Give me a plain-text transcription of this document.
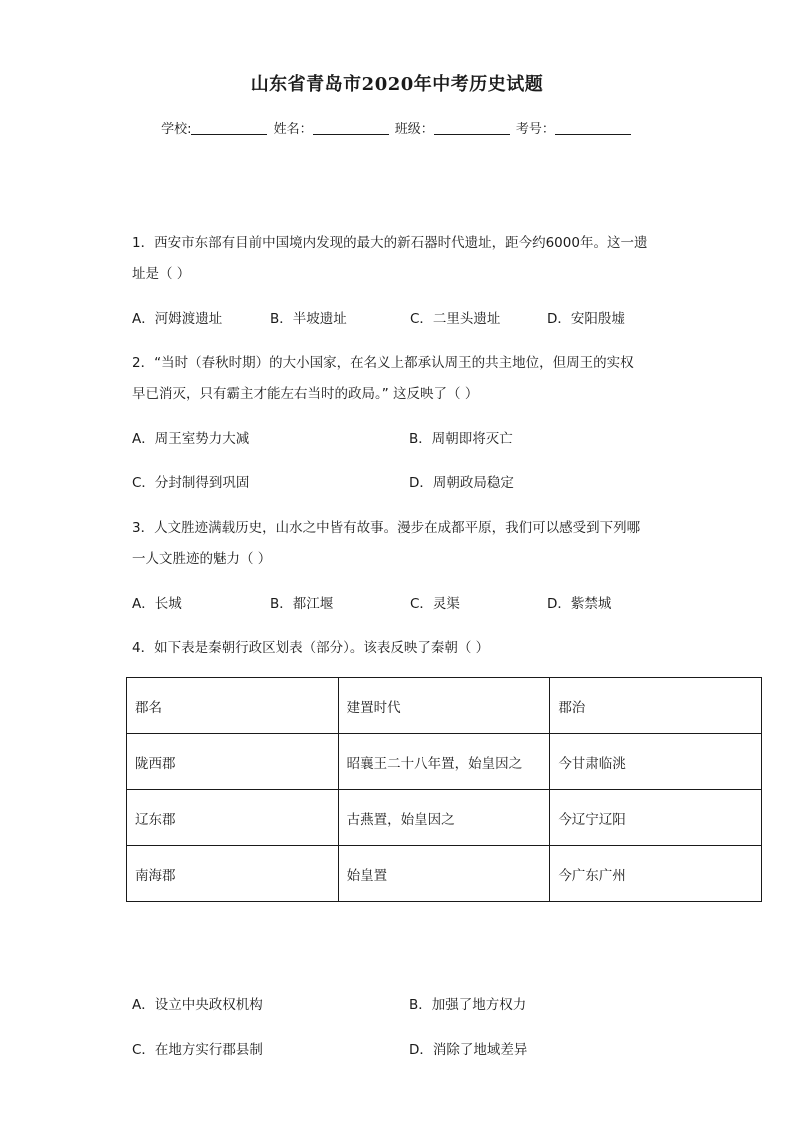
山东省青岛市2020年中考历史试题
学校:	姓名：	班级：	考号：
1．西安市东部有目前中国境内发现的最大的新石器时代遗址，距今约6000年。这一遗
址是（ ）
A．河姆渡遗址	B．半坡遗址	C．二里头遗址	D．安阳殷墟
2．“当时（春秋时期）的大小国家，在名义上都承认周王的共主地位，但周王的实权
早已消灭，只有霸主才能左右当时的政局。” 这反映了（ ）
A．周王室势力大减	B．周朝即将灭亡
C．分封制得到巩固	D．周朝政局稳定
3．人文胜迹满载历史，山水之中皆有故事。漫步在成都平原，我们可以感受到下列哪
一人文胜迹的魅力（ ）
A．长城	B．都江堰	C．灵渠	D．紫禁城
4．如下表是秦朝行政区划表（部分）。该表反映了秦朝（ ）
郡名	建置时代	郡治
陇西郡	昭襄王二十八年置，始皇因之	今甘肃临洮
辽东郡	古燕置，始皇因之	今辽宁辽阳
南海郡	始皇置	今广东广州
A．设立中央政权机构	B．加强了地方权力
C．在地方实行郡县制	D．消除了地域差异
